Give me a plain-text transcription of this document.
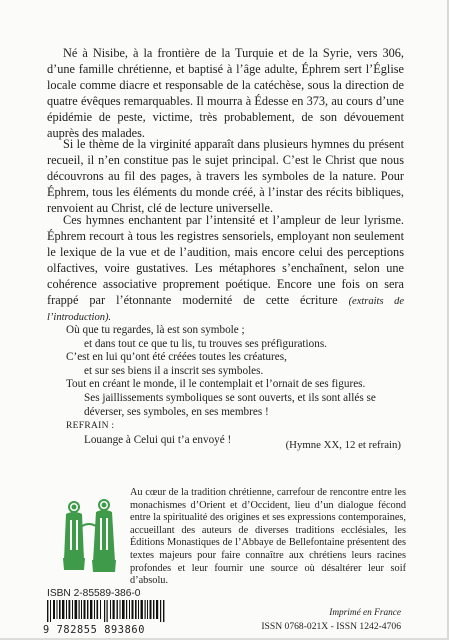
Né à Nisibe, à la frontière de la Turquie et de la Syrie, vers 306, d’une famille chrétienne, et baptisé à l’âge adulte, Éphrem sert l’Église locale comme diacre et responsable de la catéchèse, sous la direction de quatre évêques remarquables. Il mourra à Édesse en 373, au cours d’une épidémie de peste, victime, très probablement, de son dévouement auprès des malades.

Si le thème de la virginité apparaît dans plusieurs hymnes du présent recueil, il n’en constitue pas le sujet principal. C’est le Christ que nous découvrons au fil des pages, à travers les symboles de la nature. Pour Éphrem, tous les éléments du monde créé, à l’instar des récits bibliques, renvoient au Christ, clé de lecture universelle.

Ces hymnes enchantent par l’intensité et l’ampleur de leur lyrisme. Éphrem recourt à tous les registres sensoriels, employant non seulement le lexique de la vue et de l’audition, mais encore celui des perceptions olfactives, voire gustatives. Les métaphores s’enchaînent, selon une cohérence associative proprement poétique. Encore une fois on sera frappé par l’étonnante modernité de cette écriture (extraits de l’introduction).

Où que tu regardes, là est son symbole ;
et dans tout ce que tu lis, tu trouves ses préfigurations.
C’est en lui qu’ont été créées toutes les créatures,
et sur ses biens il a inscrit ses symboles.
Tout en créant le monde, il le contemplait et l’ornait de ses figures.
Ses jaillissements symboliques se sont ouverts, et ils sont allés se
déverser, ses symboles, en ses membres !
REFRAIN :
Louange à Celui qui t’a envoyé !	(Hymne XX, 12 et refrain)

Au cœur de la tradition chrétienne, carrefour de rencontre entre les monachismes d’Orient et d’Occident, lieu d’un dialogue fécond entre la spiritualité des origines et ses expressions contemporaines, accueillant des auteurs de diverses traditions ecclésiales, les Éditions Monastiques de l’Abbaye de Bellefontaine présentent des textes majeurs pour faire connaître aux chrétiens leurs racines profondes et leur fournir une source où désaltérer leur soif d’absolu.

ISBN 2-85589-386-0
9 782855 893860
Imprimé en France
ISSN 0768-021X - ISSN 1242-4706
